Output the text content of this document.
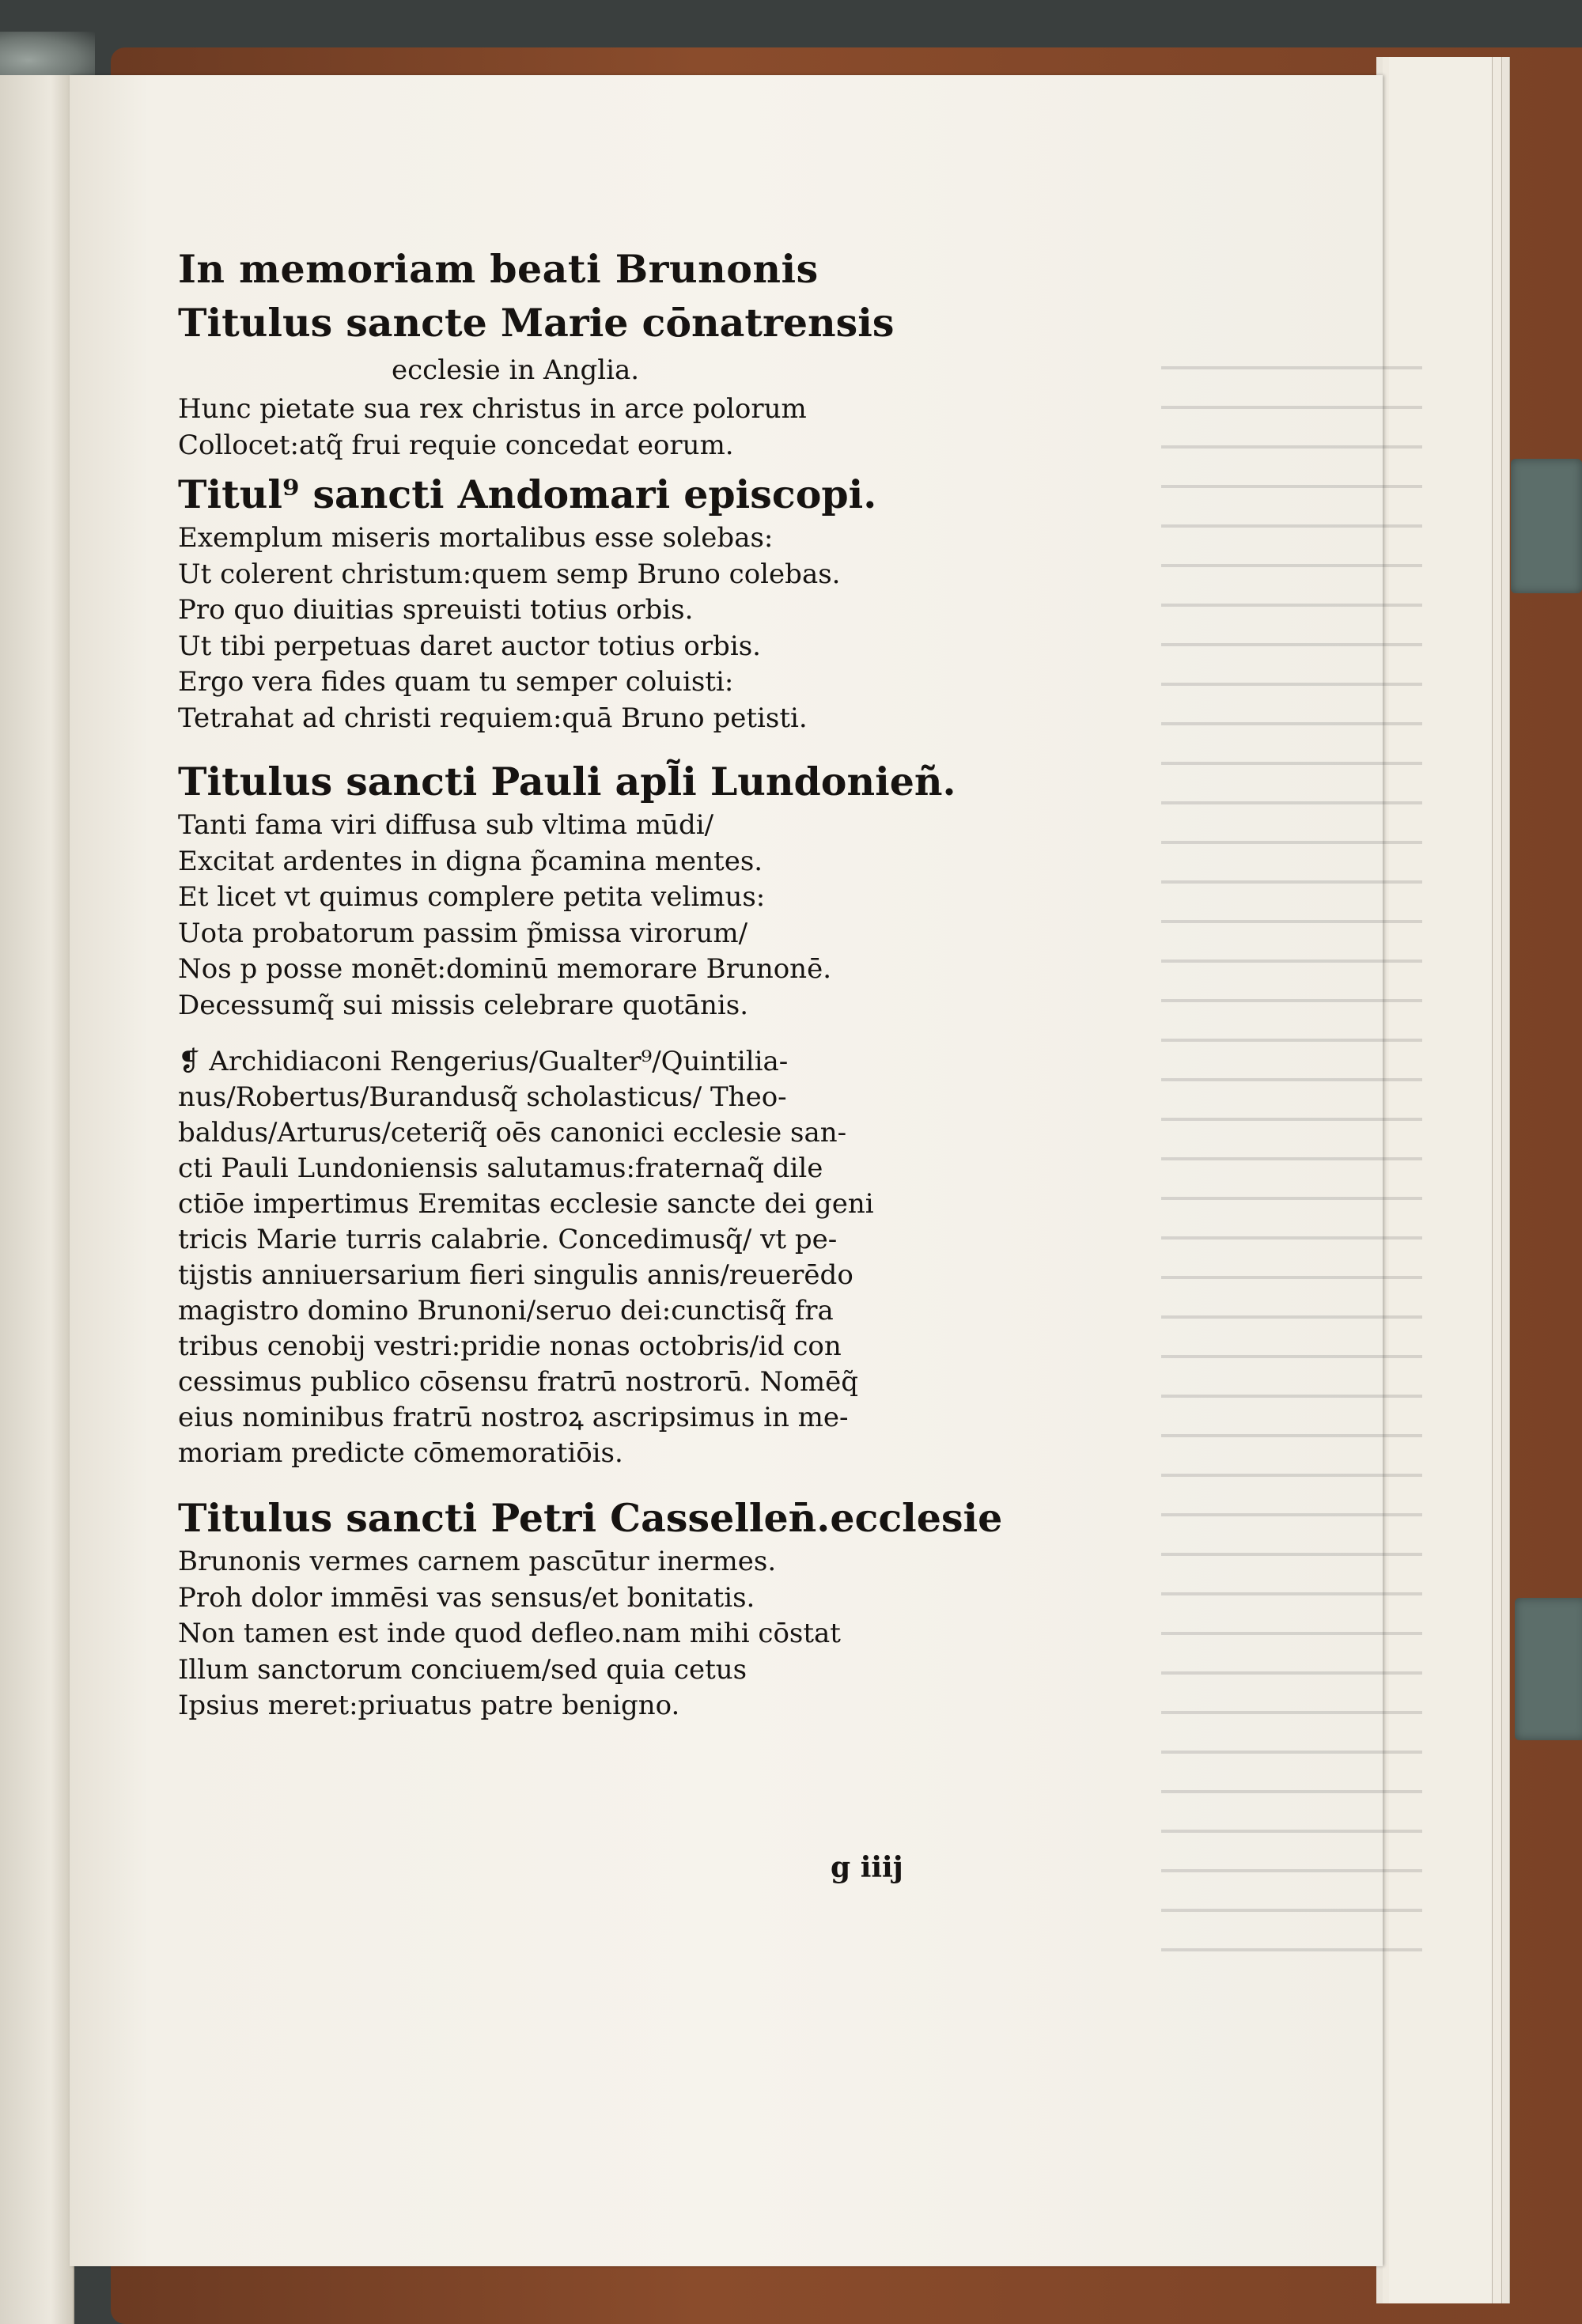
In memoriam beati Brunonis
Titulus sancte Marie cōnatrensis
ecclesie in Anglia.
Hunc pietate sua rex christus in arce polorum
Collocet:atq̃ frui requie concedat eorum.
Titul⁹ sancti Andomari episcopi.
Exemplum miseris mortalibus esse solebas:
Ut colerent christum:quem semp Bruno colebas.
Pro quo diuitias spreuisti totius orbis.
Ut tibi perpetuas daret auctor totius orbis.
Ergo vera fides quam tu semper coluisti:
Tetrahat ad christi requiem:quā Bruno petisti.
Titulus sancti Pauli apl̃i Lundonieñ.
Tanti fama viri diffusa sub vltima mūdi/
Excitat ardentes in digna p̃camina mentes.
Et licet vt quimus complere petita velimus:
Uota probatorum passim p̃missa virorum/
Nos p posse monēt:dominū memorare Brunonē.
Decessumq̃ sui missis celebrare quotānis.
❡ Archidiaconi Rengerius/Gualter⁹/Quintilia-
nus/Robertus/Burandusq̃ scholasticus/ Theo-
baldus/Arturus/ceteriq̃ oēs canonici ecclesie san-
cti Pauli Lundoniensis salutamus:fraternaq̃ dile
ctiōe impertimus Eremitas ecclesie sancte dei geni
tricis Marie turris calabrie. Concedimusq̃/ vt pe-
tijstis anniuersarium fieri singulis annis/reuerēdo
magistro domino Brunoni/seruo dei:cunctisq̃ fra
tribus cenobij vestri:pridie nonas octobris/id con
cessimus publico cōsensu fratrū nostrorū. Nomēq̃
eius nominibus fratrū nostroꝝ ascripsimus in me-
moriam predicte cōmemoratiōis.
Titulus sancti Petri Cassellen̄.ecclesie
Brunonis vermes carnem pascūtur inermes.
Proh dolor immēsi vas sensus/et bonitatis.
Non tamen est inde quod defleo.nam mihi cōstat
Illum sanctorum conciuem/sed quia cetus
Ipsius meret:priuatus patre benigno.
g iiij
